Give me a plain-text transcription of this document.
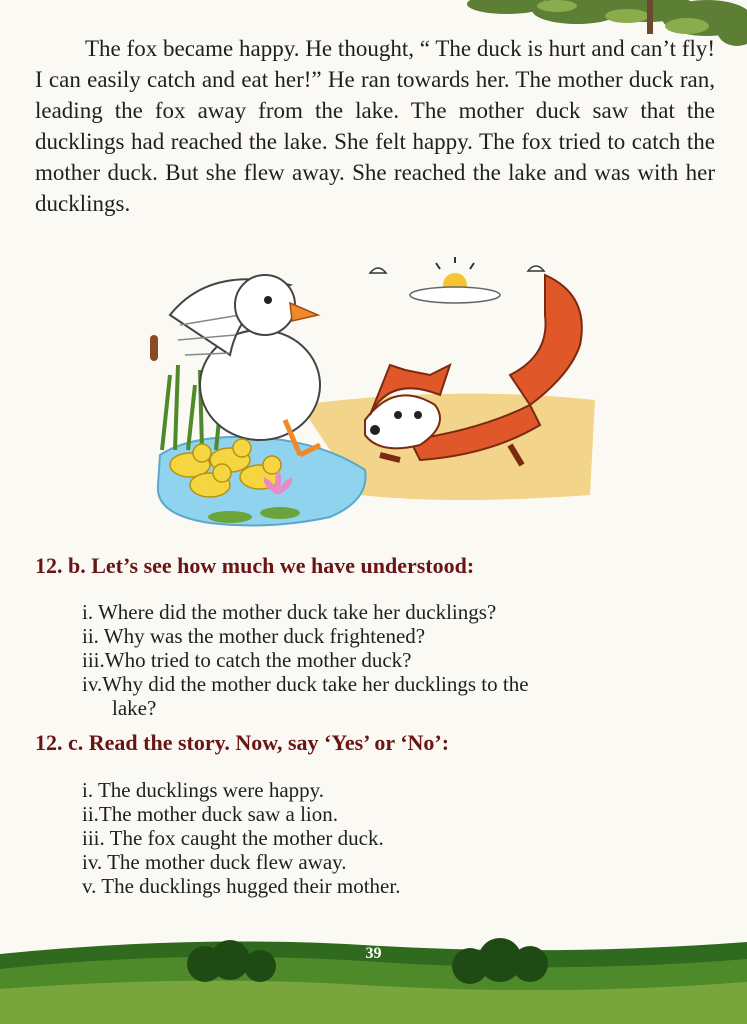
The fox became happy. He thought, “ The duck is hurt and can’t fly! I can easily catch and eat her!” He ran towards her. The mother duck ran, leading the fox away from the lake. The mother duck saw that the ducklings had reached the lake. She felt happy. The fox tried to catch the mother duck. But she flew away. She reached the lake and was with her ducklings.

12. b. Let’s see how much we have understood:
i. Where did the mother duck take her ducklings?
ii. Why was the mother duck frightened?
iii.Who tried to catch the mother duck?
iv.Why did the mother duck take her ducklings to the
lake?
12. c. Read the story. Now, say ‘Yes’ or ‘No’:
i. The ducklings were happy.
ii.The mother duck saw a lion.
iii. The fox caught the mother duck.
iv. The mother duck flew away.
v. The ducklings hugged their mother.
39
